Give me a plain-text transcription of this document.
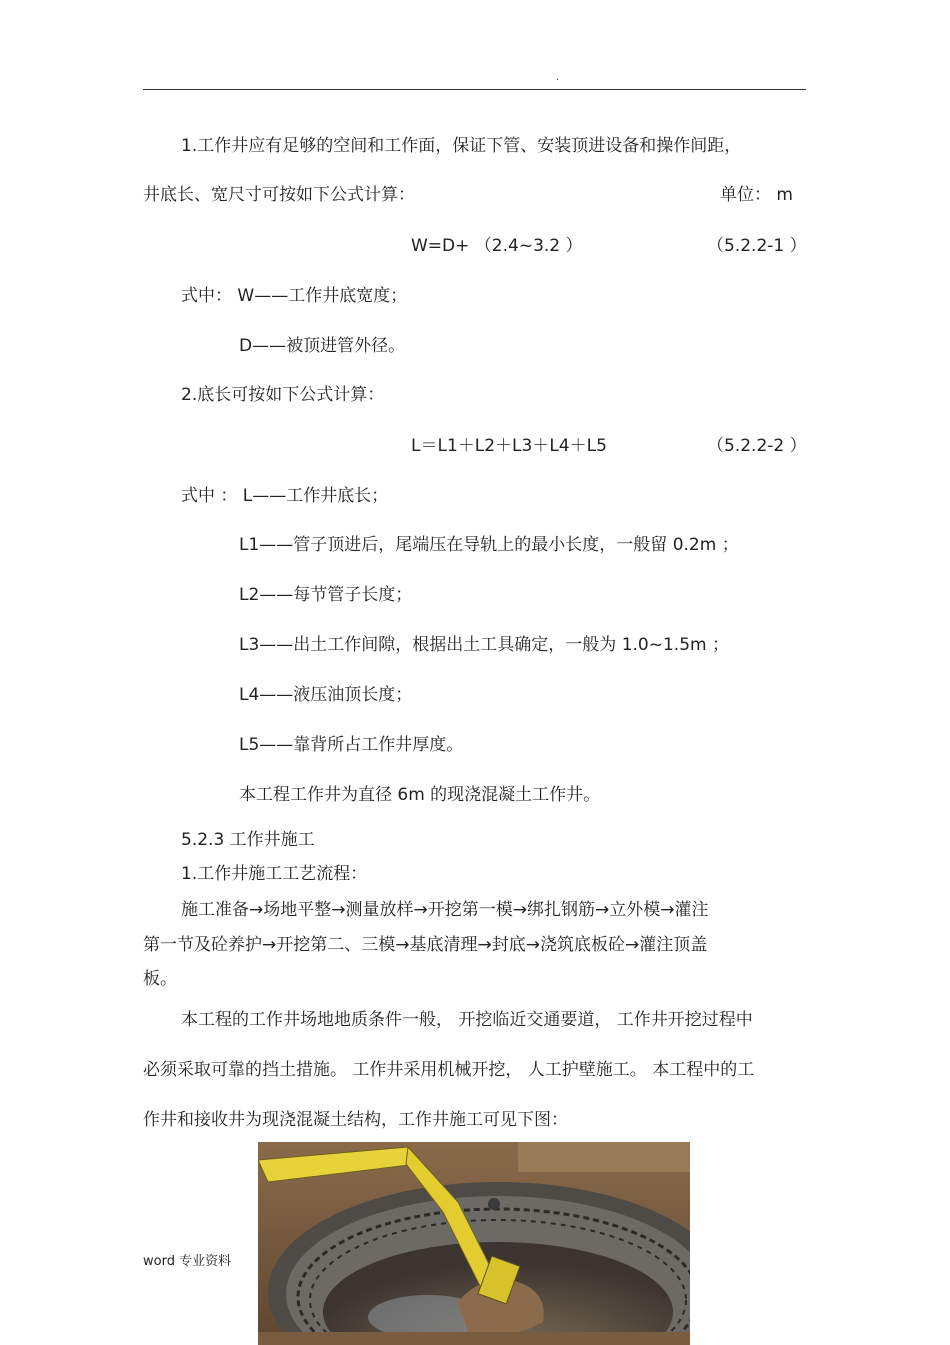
.
1.工作井应有足够的空间和工作面，保证下管、安装顶进设备和操作间距，
井底长、宽尺寸可按如下公式计算：	单位： m
W=D+ （2.4~3.2 ）	（5.2.2-1 ）
式中： W——工作井底宽度；
D——被顶进管外径。
2.底长可按如下公式计算：
L＝L1＋L2＋L3＋L4＋L5	（5.2.2-2 ）
式中 ： L——工作井底长；
L1——管子顶进后，尾端压在导轨上的最小长度，一般留 0.2m ；
L2——每节管子长度；
L3——出土工作间隙，根据出土工具确定，一般为 1.0~1.5m ；
L4——液压油顶长度；
L5——靠背所占工作井厚度。
本工程工作井为直径 6m 的现浇混凝土工作井。
5.2.3 工作井施工
1.工作井施工工艺流程：
施工准备→场地平整→测量放样→开挖第一模→绑扎钢筋→立外模→灌注
第一节及砼养护→开挖第二、三模→基底清理→封底→浇筑底板砼→灌注顶盖
板。
本工程的工作井场地地质条件一般， 开挖临近交通要道， 工作井开挖过程中
必须采取可靠的挡土措施。 工作井采用机械开挖， 人工护壁施工。 本工程中的工
作井和接收井为现浇混凝土结构，工作井施工可见下图：
word 专业资料
